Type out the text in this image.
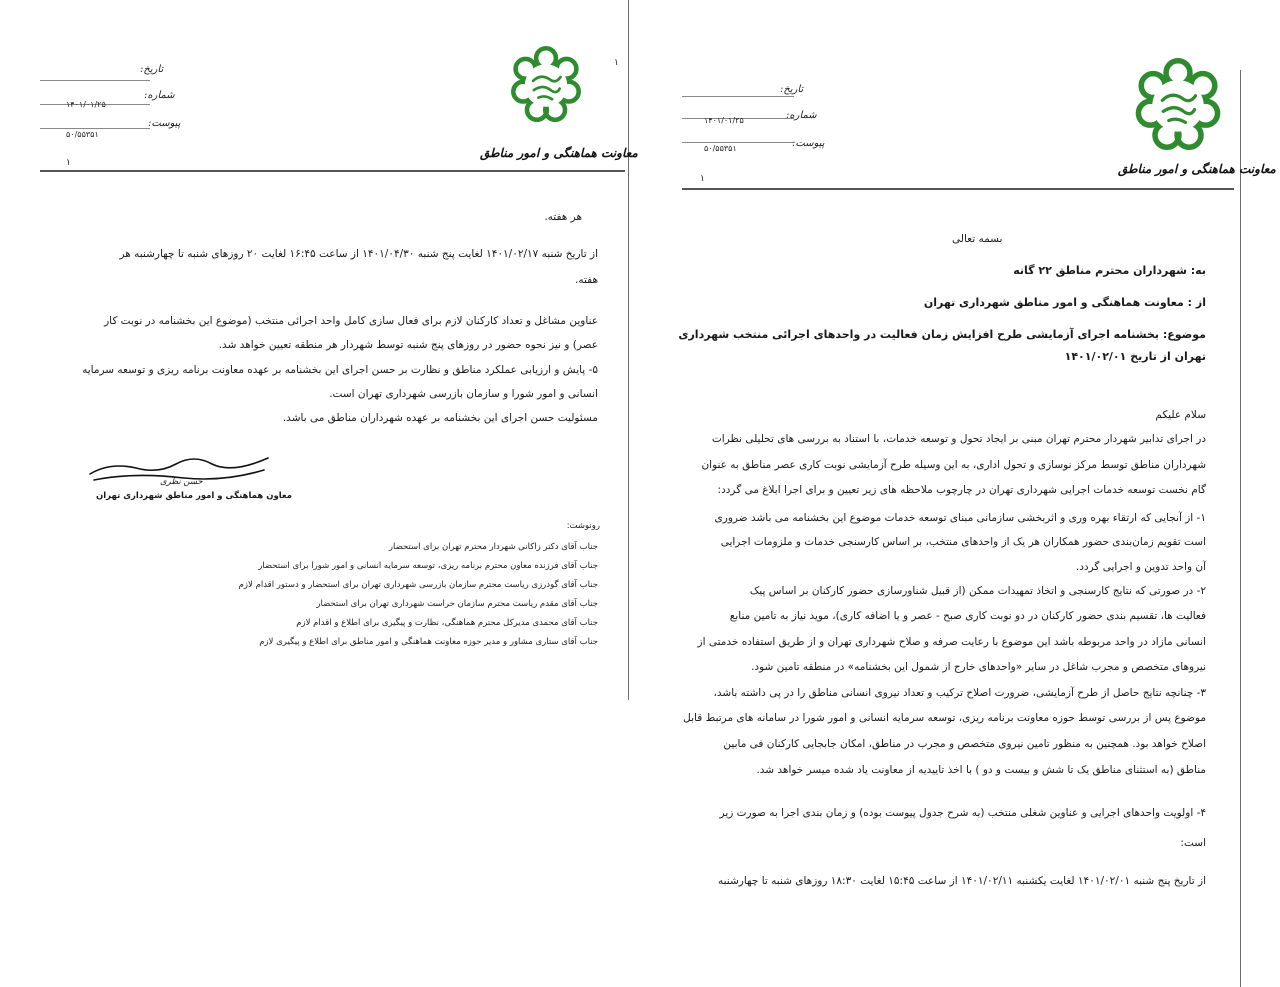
۱
معاونت هماهنگی و امور مناطق
تاریخ:
شماره:
۱۴۰۱/۰۱/۲۵
پیوست:
۵۰/۵۵۳۵۱
۱
هر هفته.
از تاریخ شنبه ۱۴۰۱/۰۲/۱۷ لغایت پنج شنبه ۱۴۰۱/۰۴/۳۰ از ساعت ۱۶:۴۵ لغایت ۲۰ روزهای شنبه تا چهارشنبه هر
هفته.
عناوین مشاغل و تعداد کارکنان لازم برای فعال سازی کامل واحد اجرائی منتخب (موضوع این بخشنامه در نوبت کار
عصر) و نیز نحوه حضور در روزهای پنج شنبه توسط شهردار هر منطقه تعیین خواهد شد.
۵- پایش و ارزیابی عملکرد مناطق و نظارت بر حسن اجرای این بخشنامه بر عهده معاونت برنامه ریزی و توسعه سرمایه
انسانی و امور شورا و سازمان بازرسی شهرداری تهران است.
مسئولیت حسن اجرای این بخشنامه بر عهده شهرداران مناطق می باشد.
حسن نظری
معاون هماهنگی و امور مناطق شهرداری تهران
رونوشت:
جناب آقای دکتر زاکانی شهردار محترم تهران برای استحضار
جناب آقای فرزنده معاون محترم برنامه ریزی، توسعه سرمایه انسانی و امور شورا برای استحضار
جناب آقای گودرزی ریاست محترم سازمان بازرسی شهرداری تهران برای استحضار و دستور اقدام لازم
جناب آقای مقدم ریاست محترم سازمان حراست شهرداری تهران برای استحضار
جناب آقای محمدی مدیرکل محترم هماهنگی، نظارت و پیگیری برای اطلاع و اقدام لازم
جناب آقای ستاری مشاور و مدیر حوزه معاونت هماهنگی و امور مناطق برای اطلاع و پیگیری لازم
معاونت هماهنگی و امور مناطق
تاریخ:
شماره:
۱۴۰۱/۰۱/۲۵
پیوست:
۵۰/۵۵۳۵۱
۱
بسمه تعالی
به: شهرداران محترم مناطق ۲۲ گانه
از : معاونت هماهنگی و امور مناطق شهرداری تهران
موضوع: بخشنامه اجرای آزمایشی طرح افزایش زمان فعالیت در واحدهای اجرائی منتخب شهرداری
تهران از تاریخ ۱۴۰۱/۰۲/۰۱
سلام علیکم
در اجرای تدابیر شهردار محترم تهران مبنی بر ایجاد تحول و توسعه خدمات، با استناد به بررسی های تحلیلی نظرات
شهرداران مناطق توسط مرکز نوسازی و تحول اداری، به این وسیله طرح آزمایشی نوبت کاری عصر مناطق به عنوان
گام نخست توسعه خدمات اجرایی شهرداری تهران در چارچوب ملاحظه های زیر تعیین و برای اجرا ابلاغ می گردد:
۱- از آنجایی که ارتقاء بهره وری و اثربخشی سازمانی مبنای توسعه خدمات موضوع این بخشنامه می باشد ضروری
است تقویم زمان‌بندی حضور همکاران هر یک از واحدهای منتخب، بر اساس کارسنجی خدمات و ملزومات اجرایی
آن واحد تدوین و اجرایی گردد.
۲- در صورتی که نتایج کارسنجی و اتخاذ تمهیدات ممکن (از قبیل شناورسازی حضور کارکنان بر اساس پیک
فعالیت ها، تقسیم بندی حضور کارکنان در دو نوبت کاری صبح - عصر و یا اضافه کاری)، موید نیاز به تامین منابع
انسانی مازاد در واحد مربوطه باشد این موضوع با رعایت صرفه و صلاح شهرداری تهران و از طریق استفاده خدمتی از
نیروهای متخصص و مجرب شاغل در سایر «واحدهای خارج از شمول این بخشنامه» در منطقه تامین شود.
۳- چنانچه نتایج حاصل از طرح آزمایشی، ضرورت اصلاح ترکیب و تعداد نیروی انسانی مناطق را در پی داشته باشد،
موضوع پس از بررسی توسط حوزه معاونت برنامه ریزی، توسعه سرمایه انسانی و امور شورا در سامانه های مرتبط قابل
اصلاح خواهد بود. همچنین به منظور تامین نیروی متخصص و مجرب در مناطق، امکان جابجایی کارکنان فی مابین
مناطق (به استثنای مناطق یک تا شش و بیست و دو ) با اخذ تاییدیه از معاونت یاد شده میسر خواهد شد.
۴- اولویت واحدهای اجرایی و عناوین شغلی منتخب (به شرح جدول پیوست بوده) و زمان بندی اجرا به صورت زیر
است:
از تاریخ پنج شنبه ۱۴۰۱/۰۲/۰۱ لغایت یکشنبه ۱۴۰۱/۰۲/۱۱ از ساعت ۱۵:۴۵ لغایت ۱۸:۳۰ روزهای شنبه تا چهارشنبه
